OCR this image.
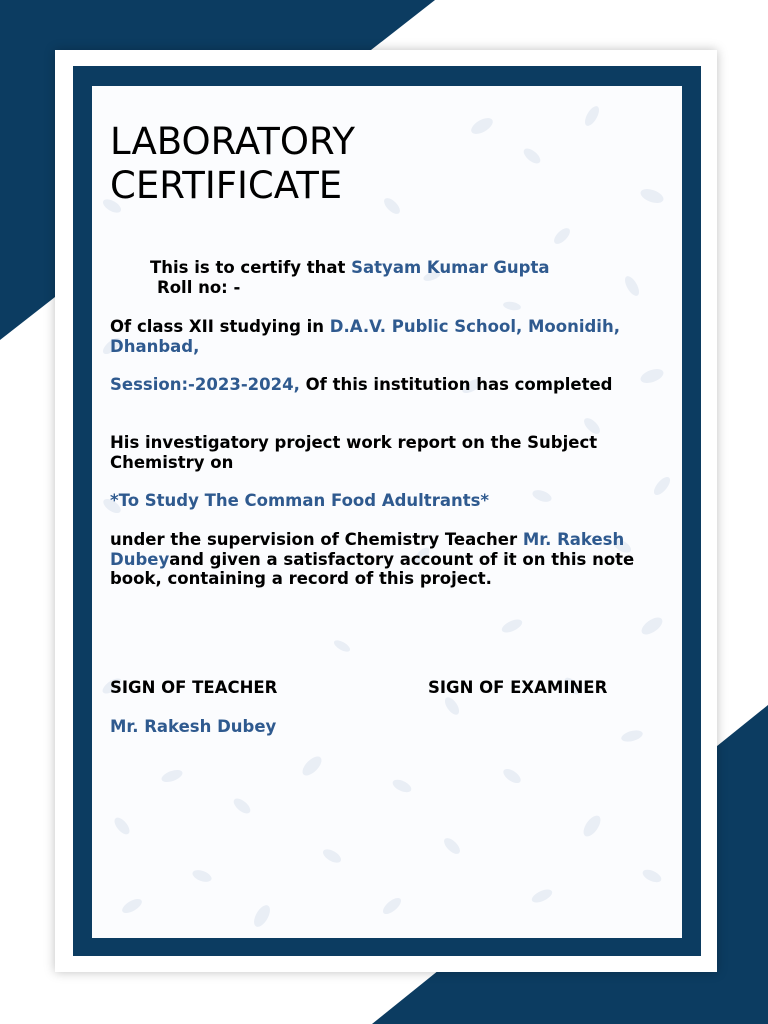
LABORATORY
CERTIFICATE

This is to certify that Satyam Kumar Gupta

Roll no: -

Of class XII studying in D.A.V. Public School, Moonidih, Dhanbad,

Session:-2023-2024, Of this institution has completed

His investigatory project work report on the Subject Chemistry on

*To Study The Comman Food Adultrants*

under the supervision of Chemistry Teacher Mr. Rakesh Dubeyand given a satisfactory account of it on this note book, containing a record of this project.

SIGN OF TEACHER	SIGN OF EXAMINER
Mr. Rakesh Dubey
